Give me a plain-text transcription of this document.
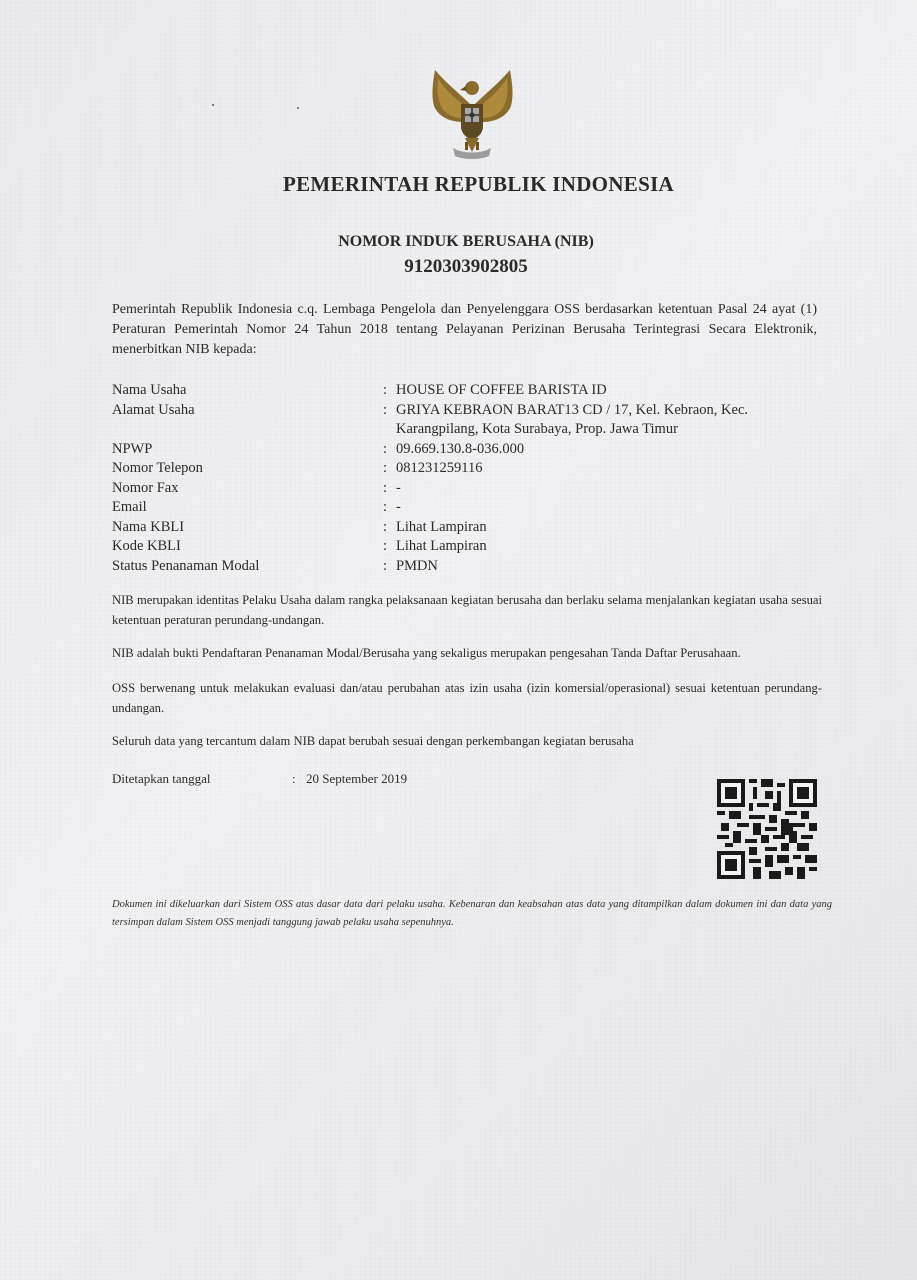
PEMERINTAH REPUBLIK INDONESIA
NOMOR INDUK BERUSAHA (NIB)
9120303902805
Pemerintah Republik Indonesia c.q. Lembaga Pengelola dan Penyelenggara OSS berdasarkan ketentuan Pasal 24 ayat (1) Peraturan Pemerintah Nomor 24 Tahun 2018 tentang Pelayanan Perizinan Berusaha Terintegrasi Secara Elektronik, menerbitkan NIB kepada:
Nama Usaha	: HOUSE OF COFFEE BARISTA ID
Alamat Usaha	: GRIYA KEBRAON BARAT13 CD / 17, Kel. Kebraon, Kec.
Karangpilang, Kota Surabaya, Prop. Jawa Timur
NPWP	: 09.669.130.8-036.000
Nomor Telepon	: 081231259116
Nomor Fax	: -
Email	: -
Nama KBLI	: Lihat Lampiran
Kode KBLI	: Lihat Lampiran
Status Penanaman Modal	: PMDN
NIB merupakan identitas Pelaku Usaha dalam rangka pelaksanaan kegiatan berusaha dan berlaku selama menjalankan kegiatan usaha sesuai ketentuan peraturan perundang-undangan.
NIB adalah bukti Pendaftaran Penanaman Modal/Berusaha yang sekaligus merupakan pengesahan Tanda Daftar Perusahaan.
OSS berwenang untuk melakukan evaluasi dan/atau perubahan atas izin usaha (izin komersial/operasional) sesuai ketentuan perundang-undangan.
Seluruh data yang tercantum dalam NIB dapat berubah sesuai dengan perkembangan kegiatan berusaha
Ditetapkan tanggal	: 20 September 2019
Dokumen ini dikeluarkan dari Sistem OSS atas dasar data dari pelaku usaha. Kebenaran dan keabsahan atas data yang ditampilkan dalam dokumen ini dan data yang tersimpan dalam Sistem OSS menjadi tanggung jawab pelaku usaha sepenuhnya.
